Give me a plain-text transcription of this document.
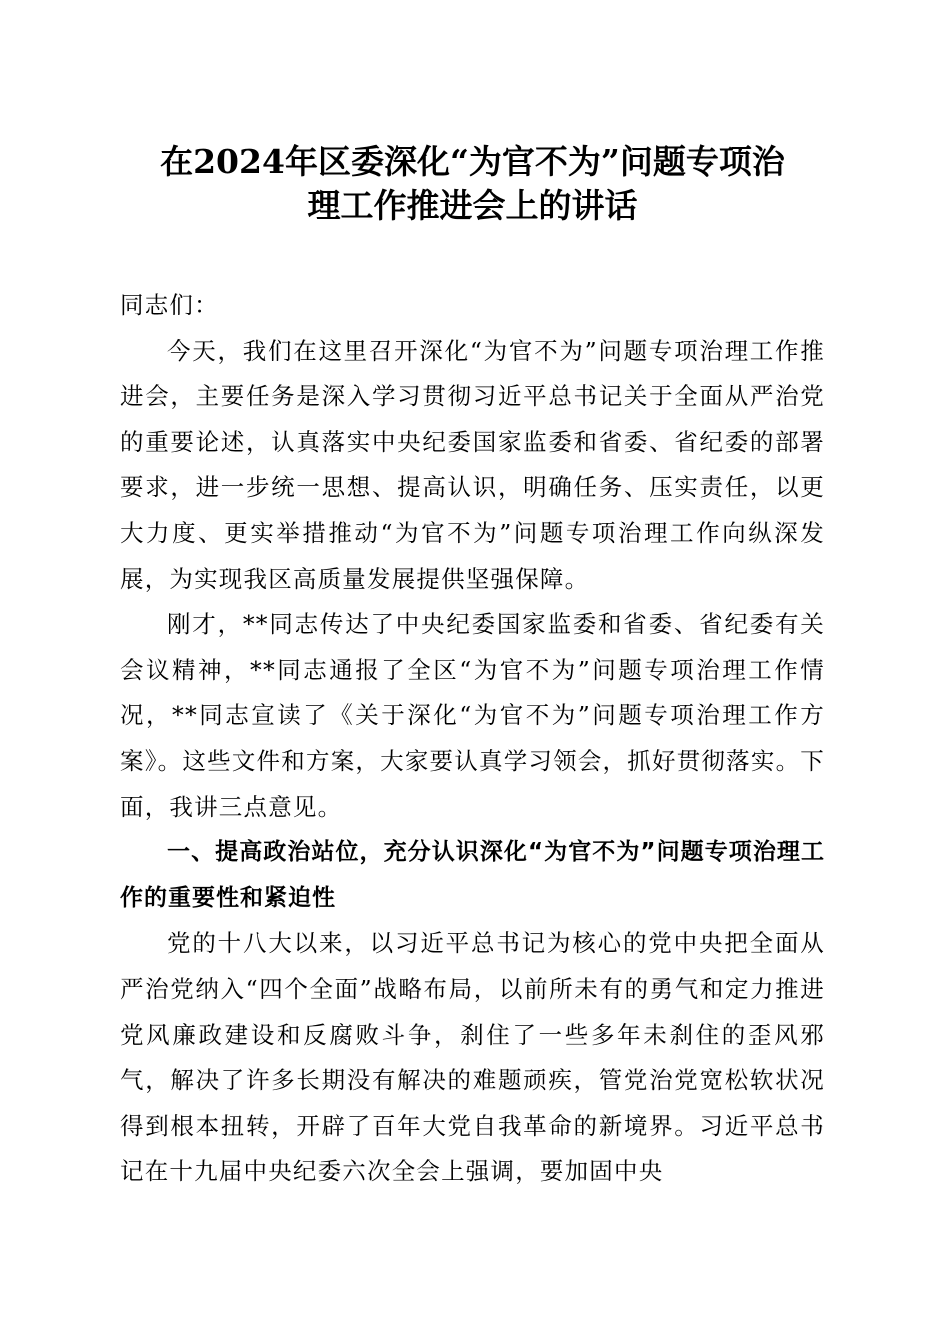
在2024年区委深化“为官不为”问题专项治
理工作推进会上的讲话

同志们：

今天，我们在这里召开深化“为官不为”问题专项治理工作推进会，主要任务是深入学习贯彻习近平总书记关于全面从严治党的重要论述，认真落实中央纪委国家监委和省委、省纪委的部署要求，进一步统一思想、提高认识，明确任务、压实责任，以更大力度、更实举措推动“为官不为”问题专项治理工作向纵深发展，为实现我区高质量发展提供坚强保障。

刚才，**同志传达了中央纪委国家监委和省委、省纪委有关会议精神，**同志通报了全区“为官不为”问题专项治理工作情况，**同志宣读了《关于深化“为官不为”问题专项治理工作方案》。这些文件和方案，大家要认真学习领会，抓好贯彻落实。下面，我讲三点意见。

一、提高政治站位，充分认识深化“为官不为”问题专项治理工作的重要性和紧迫性

党的十八大以来，以习近平总书记为核心的党中央把全面从严治党纳入“四个全面”战略布局，以前所未有的勇气和定力推进党风廉政建设和反腐败斗争，刹住了一些多年未刹住的歪风邪气，解决了许多长期没有解决的难题顽疾，管党治党宽松软状况得到根本扭转，开辟了百年大党自我革命的新境界。习近平总书记在十九届中央纪委六次全会上强调，要加固中央
